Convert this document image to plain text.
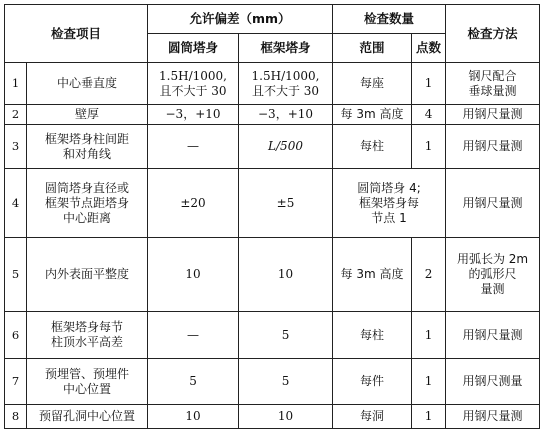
检查项目		允许偏差（mm）		检查数量		检查方法
		圆筒塔身	框架塔身	范围	点数	
1	中心垂直度	1.5H/1000,
且不大于 30	1.5H/1000,
且不大于 30	每座	1	钢尺配合
垂球量测
2	壁厚	−3，+10	−3，+10	每 3m 高度	4	用钢尺量测
3	框架塔身柱间距
和对角线	—	L/500	每柱	1	用钢尺量测
4	圆筒塔身直径或
框架节点距塔身
中心距离	±20	±5	圆筒塔身 4;
框架塔身每
节点 1		用钢尺量测
5	内外表面平整度	10	10	每 3m 高度	2	用弧长为 2m
的弧形尺
量测
6	框架塔身每节
柱顶水平高差	—	5	每柱	1	用钢尺量测
7	预埋管、预埋件
中心位置	5	5	每件	1	用钢尺测量
8	预留孔洞中心位置	10	10	每洞	1	用钢尺量测
